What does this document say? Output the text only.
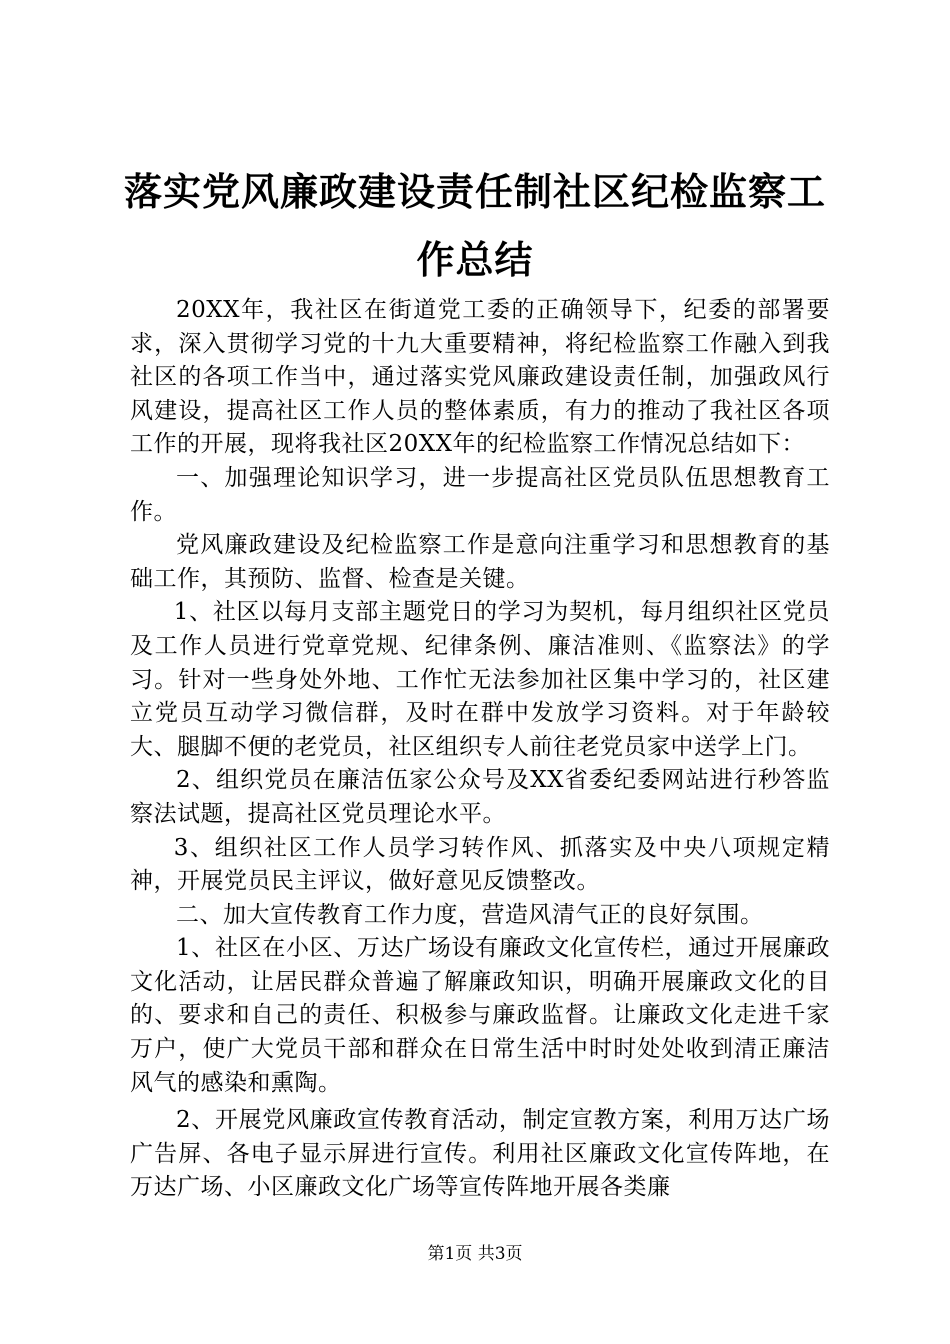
落实党风廉政建设责任制社区纪检监察工作总结

20XX年，我社区在街道党工委的正确领导下，纪委的部署要求，深入贯彻学习党的十九大重要精神，将纪检监察工作融入到我社区的各项工作当中，通过落实党风廉政建设责任制，加强政风行风建设，提高社区工作人员的整体素质，有力的推动了我社区各项工作的开展，现将我社区20XX年的纪检监察工作情况总结如下：

一、加强理论知识学习，进一步提高社区党员队伍思想教育工作。

党风廉政建设及纪检监察工作是意向注重学习和思想教育的基础工作，其预防、监督、检查是关键。

1、社区以每月支部主题党日的学习为契机，每月组织社区党员及工作人员进行党章党规、纪律条例、廉洁准则、《监察法》的学习。针对一些身处外地、工作忙无法参加社区集中学习的，社区建立党员互动学习微信群，及时在群中发放学习资料。对于年龄较大、腿脚不便的老党员，社区组织专人前往老党员家中送学上门。

2、组织党员在廉洁伍家公众号及XX省委纪委网站进行秒答监察法试题，提高社区党员理论水平。

3、组织社区工作人员学习转作风、抓落实及中央八项规定精神，开展党员民主评议，做好意见反馈整改。

二、加大宣传教育工作力度，营造风清气正的良好氛围。

1、社区在小区、万达广场设有廉政文化宣传栏，通过开展廉政文化活动，让居民群众普遍了解廉政知识，明确开展廉政文化的目的、要求和自己的责任、积极参与廉政监督。让廉政文化走进千家万户，使广大党员干部和群众在日常生活中时时处处收到清正廉洁风气的感染和熏陶。

2、开展党风廉政宣传教育活动，制定宣教方案，利用万达广场广告屏、各电子显示屏进行宣传。利用社区廉政文化宣传阵地，在万达广场、小区廉政文化广场等宣传阵地开展各类廉

第1页 共3页
